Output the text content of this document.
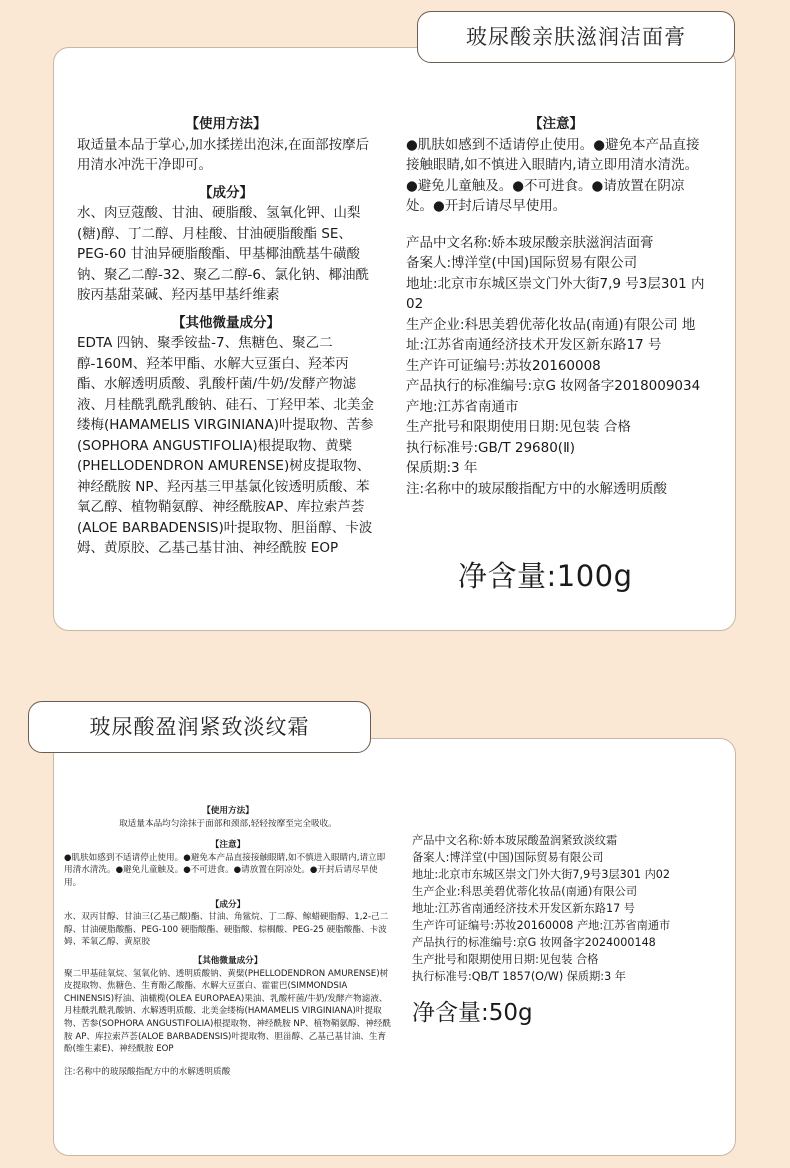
玻尿酸亲肤滋润洁面膏
【使用方法】
取适量本品于掌心,加水揉搓出泡沫,在面部按摩后用清水冲洗干净即可。
【成分】
水、肉豆蔻酸、甘油、硬脂酸、氢氧化钾、山梨(糖)醇、丁二醇、月桂酸、甘油硬脂酸酯 SE、PEG-60 甘油异硬脂酸酯、甲基椰油酰基牛磺酸钠、聚乙二醇-32、聚乙二醇-6、氯化钠、椰油酰胺丙基甜菜碱、羟丙基甲基纤维素
【其他微量成分】
EDTA 四钠、聚季铵盐-7、焦糖色、聚乙二醇-160M、羟苯甲酯、水解大豆蛋白、羟苯丙酯、水解透明质酸、乳酸杆菌/牛奶/发酵产物滤液、月桂酰乳酰乳酸钠、硅石、丁羟甲苯、北美金缕梅(HAMAMELIS VIRGINIANA)叶提取物、苦参(SOPHORA ANGUSTIFOLIA)根提取物、黄檗(PHELLODENDRON AMURENSE)树皮提取物、神经酰胺 NP、羟丙基三甲基氯化铵透明质酸、苯氧乙醇、植物鞘氨醇、神经酰胺AP、库拉索芦荟(ALOE BARBADENSIS)叶提取物、胆甾醇、卡波姆、黄原胶、乙基己基甘油、神经酰胺 EOP
【注意】
●肌肤如感到不适请停止使用。●避免本产品直接接触眼睛,如不慎进入眼睛内,请立即用清水清洗。●避免儿童触及。●不可进食。●请放置在阴凉处。●开封后请尽早使用。
产品中文名称:娇本玻尿酸亲肤滋润洁面膏
备案人:博洋堂(中国)国际贸易有限公司
地址:北京市东城区崇文门外大街7,9 号3层301 内02
生产企业:科思美碧优蒂化妆品(南通)有限公司 地址:江苏省南通经济技术开发区新东路17 号
生产许可证编号:苏妆20160008
产品执行的标准编号:京G 妆网备字2018009034 产地:江苏省南通市
生产批号和限期使用日期:见包装 合格
执行标准号:GB/T 29680(Ⅱ)
保质期:3 年
注:名称中的玻尿酸指配方中的水解透明质酸
净含量:100g
玻尿酸盈润紧致淡纹霜
【使用方法】
取适量本品均匀涂抹于面部和颈部,轻轻按摩至完全吸收。
【注意】
●肌肤如感到不适请停止使用。●避免本产品直接接触眼睛,如不慎进入眼睛内,请立即用清水清洗。●避免儿童触及。●不可进食。●请放置在阴凉处。●开封后请尽早使用。
【成分】
水、双丙甘醇、甘油三(乙基己酸)酯、甘油、角鲨烷、丁二醇、鲸蜡硬脂醇、1,2-己二醇、甘油硬脂酸酯、PEG-100 硬脂酸酯、硬脂酸、棕榈酸、PEG-25 硬脂酸酯、卡波姆、苯氧乙醇、黄原胶
【其他微量成分】
聚二甲基硅氧烷、氢氧化钠、透明质酸钠、黄檗(PHELLODENDRON AMURENSE)树皮提取物、焦糖色、生育酚乙酸酯、水解大豆蛋白、霍霍巴(SIMMONDSIA CHINENSIS)籽油、油橄榄(OLEA EUROPAEA)果油、乳酸杆菌/牛奶/发酵产物滤液、月桂酰乳酰乳酸钠、水解透明质酸、北美金缕梅(HAMAMELIS VIRGINIANA)叶提取物、苦参(SOPHORA ANGUSTIFOLIA)根提取物、神经酰胺 NP、植物鞘氨醇、神经酰胺 AP、库拉索芦荟(ALOE BARBADENSIS)叶提取物、胆甾醇、乙基己基甘油、生育酚(维生素E)、神经酰胺 EOP
注:名称中的玻尿酸指配方中的水解透明质酸
产品中文名称:娇本玻尿酸盈润紧致淡纹霜
备案人:博洋堂(中国)国际贸易有限公司
地址:北京市东城区崇文门外大街7,9号3层301 内02
生产企业:科思美碧优蒂化妆品(南通)有限公司
地址:江苏省南通经济技术开发区新东路17 号
生产许可证编号:苏妆20160008 产地:江苏省南通市
产品执行的标准编号:京G 妆网备字2024000148
生产批号和限期使用日期:见包装 合格
执行标准号:QB/T 1857(O/W) 保质期:3 年
净含量:50g
